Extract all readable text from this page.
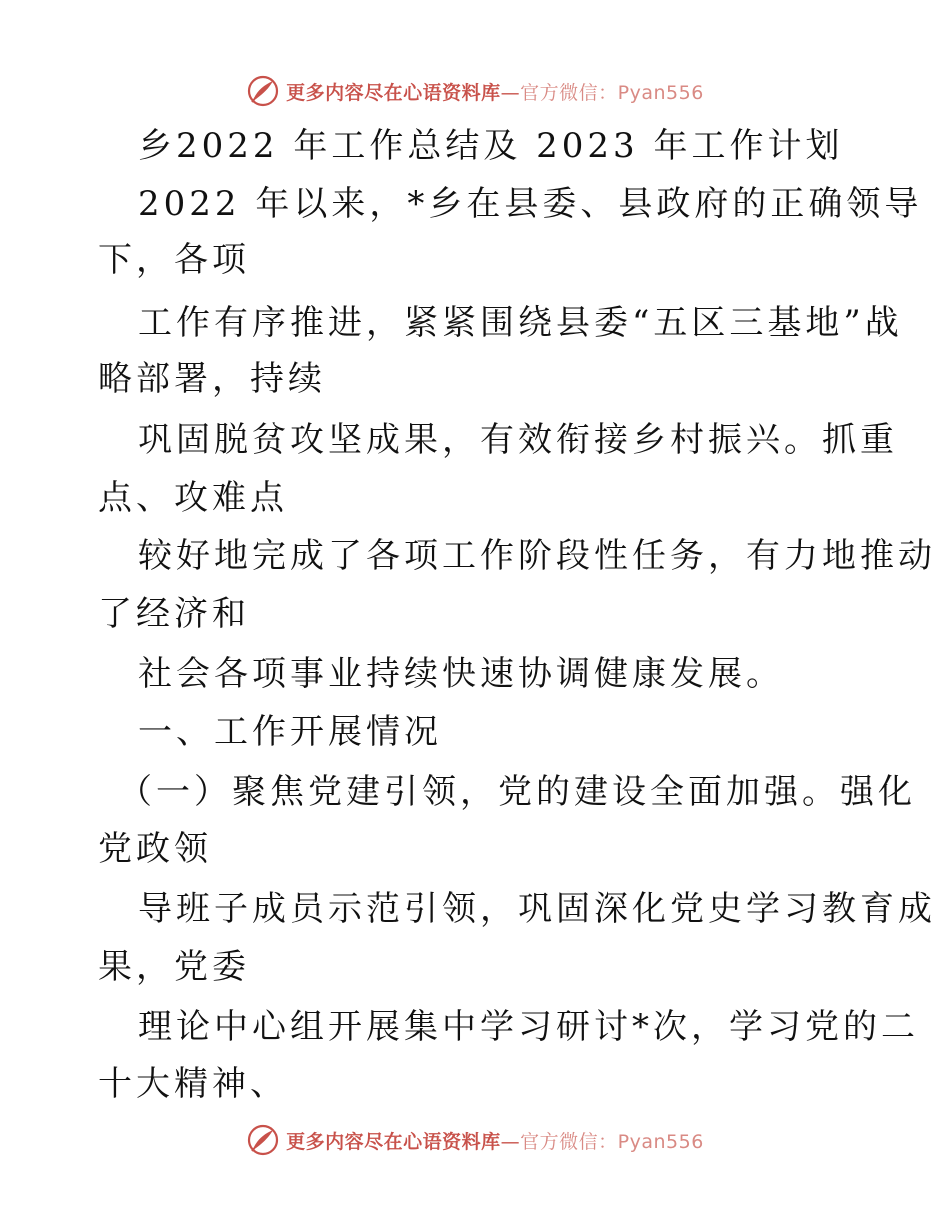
更多内容尽在心语资料库—官方微信：Pyan556
乡2022 年工作总结及 2023 年工作计划
2022 年以来，*乡在县委、县政府的正确领导
下，各项
工作有序推进，紧紧围绕县委“五区三基地”战
略部署，持续
巩固脱贫攻坚成果，有效衔接乡村振兴。抓重
点、攻难点
较好地完成了各项工作阶段性任务，有力地推动
了经济和
社会各项事业持续快速协调健康发展。
一、工作开展情况
（一）聚焦党建引领，党的建设全面加强。强化
党政领
导班子成员示范引领，巩固深化党史学习教育成
果，党委
理论中心组开展集中学习研讨*次，学习党的二
十大精神、
更多内容尽在心语资料库—官方微信：Pyan556
